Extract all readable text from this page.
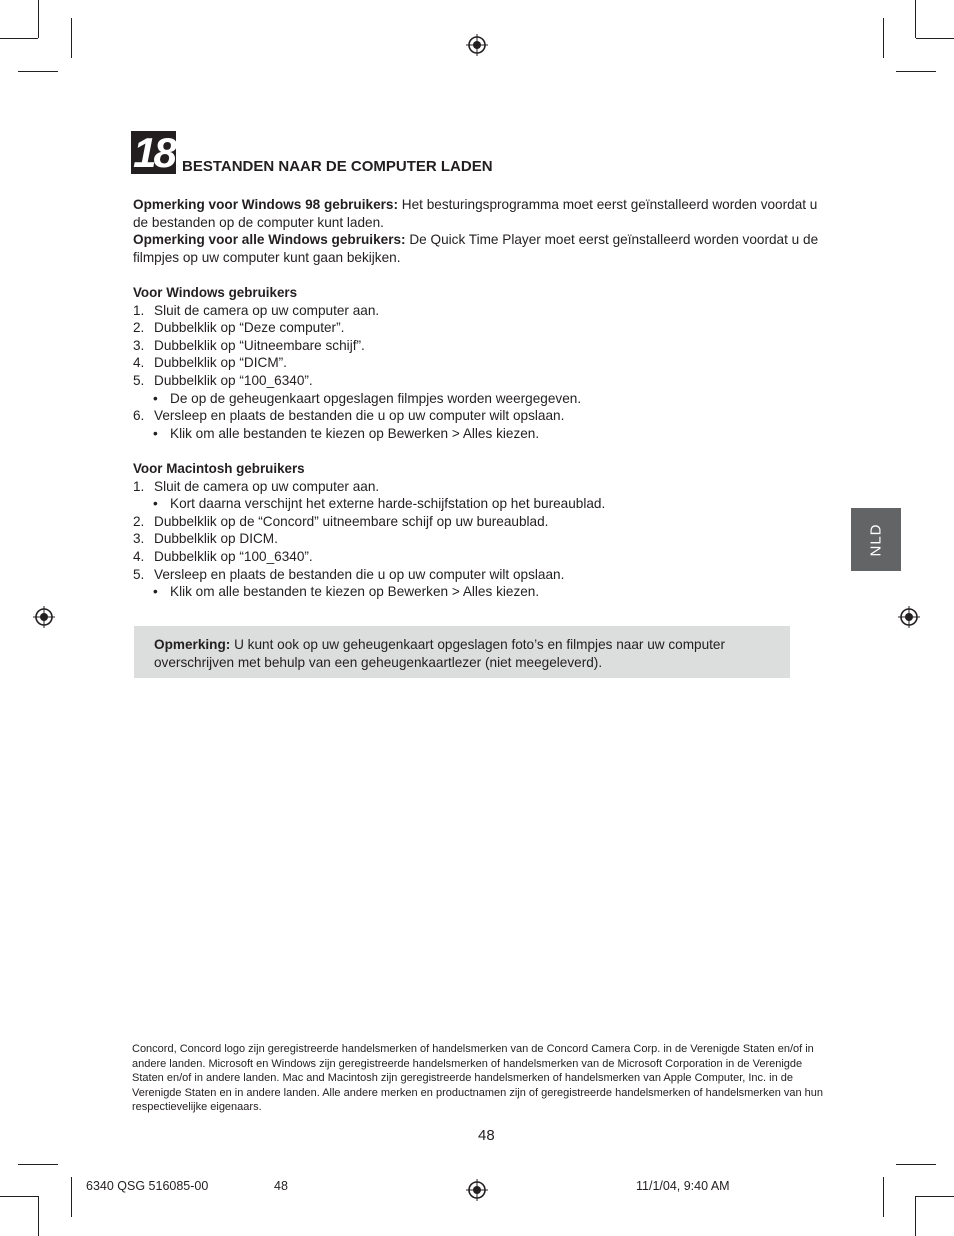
18 BESTANDEN NAAR DE COMPUTER LADEN

Opmerking voor Windows 98 gebruikers: Het besturingsprogramma moet eerst geïnstalleerd worden voordat u de bestanden op de computer kunt laden.

Opmerking voor alle Windows gebruikers: De Quick Time Player moet eerst geïnstalleerd worden voordat u de filmpjes op uw computer kunt gaan bekijken.

Voor Windows gebruikers

1. Sluit de camera op uw computer aan.

2. Dubbelklik op “Deze computer”.

3. Dubbelklik op “Uitneembare schijf”.

4. Dubbelklik op “DICM”.

5. Dubbelklik op “100_6340”.

• De op de geheugenkaart opgeslagen filmpjes worden weergegeven.

6. Versleep en plaats de bestanden die u op uw computer wilt opslaan.

• Klik om alle bestanden te kiezen op Bewerken > Alles kiezen.

Voor Macintosh gebruikers

1. Sluit de camera op uw computer aan.

• Kort daarna verschijnt het externe harde-schijfstation op het bureaublad.

2. Dubbelklik op de “Concord” uitneembare schijf op uw bureaublad.

3. Dubbelklik op DICM.

4. Dubbelklik op “100_6340”.

5. Versleep en plaats de bestanden die u op uw computer wilt opslaan.

• Klik om alle bestanden te kiezen op Bewerken > Alles kiezen.

Opmerking: U kunt ook op uw geheugenkaart opgeslagen foto’s en filmpjes naar uw computer overschrijven met behulp van een geheugenkaartlezer (niet meegeleverd).
NLD
Concord, Concord logo zijn geregistreerde handelsmerken of handelsmerken van de Concord Camera Corp. in de Verenigde Staten en/of in andere landen. Microsoft en Windows zijn geregistreerde handelsmerken of handelsmerken van de Microsoft Corporation in de Verenigde Staten en/of in andere landen. Mac and Macintosh zijn geregistreerde handelsmerken of handelsmerken van Apple Computer, Inc. in de Verenigde Staten en in andere landen. Alle andere merken en productnamen zijn of geregistreerde handelsmerken of handelsmerken van hun respectievelijke eigenaars.
48
6340 QSG 516085-00	48	11/1/04, 9:40 AM
